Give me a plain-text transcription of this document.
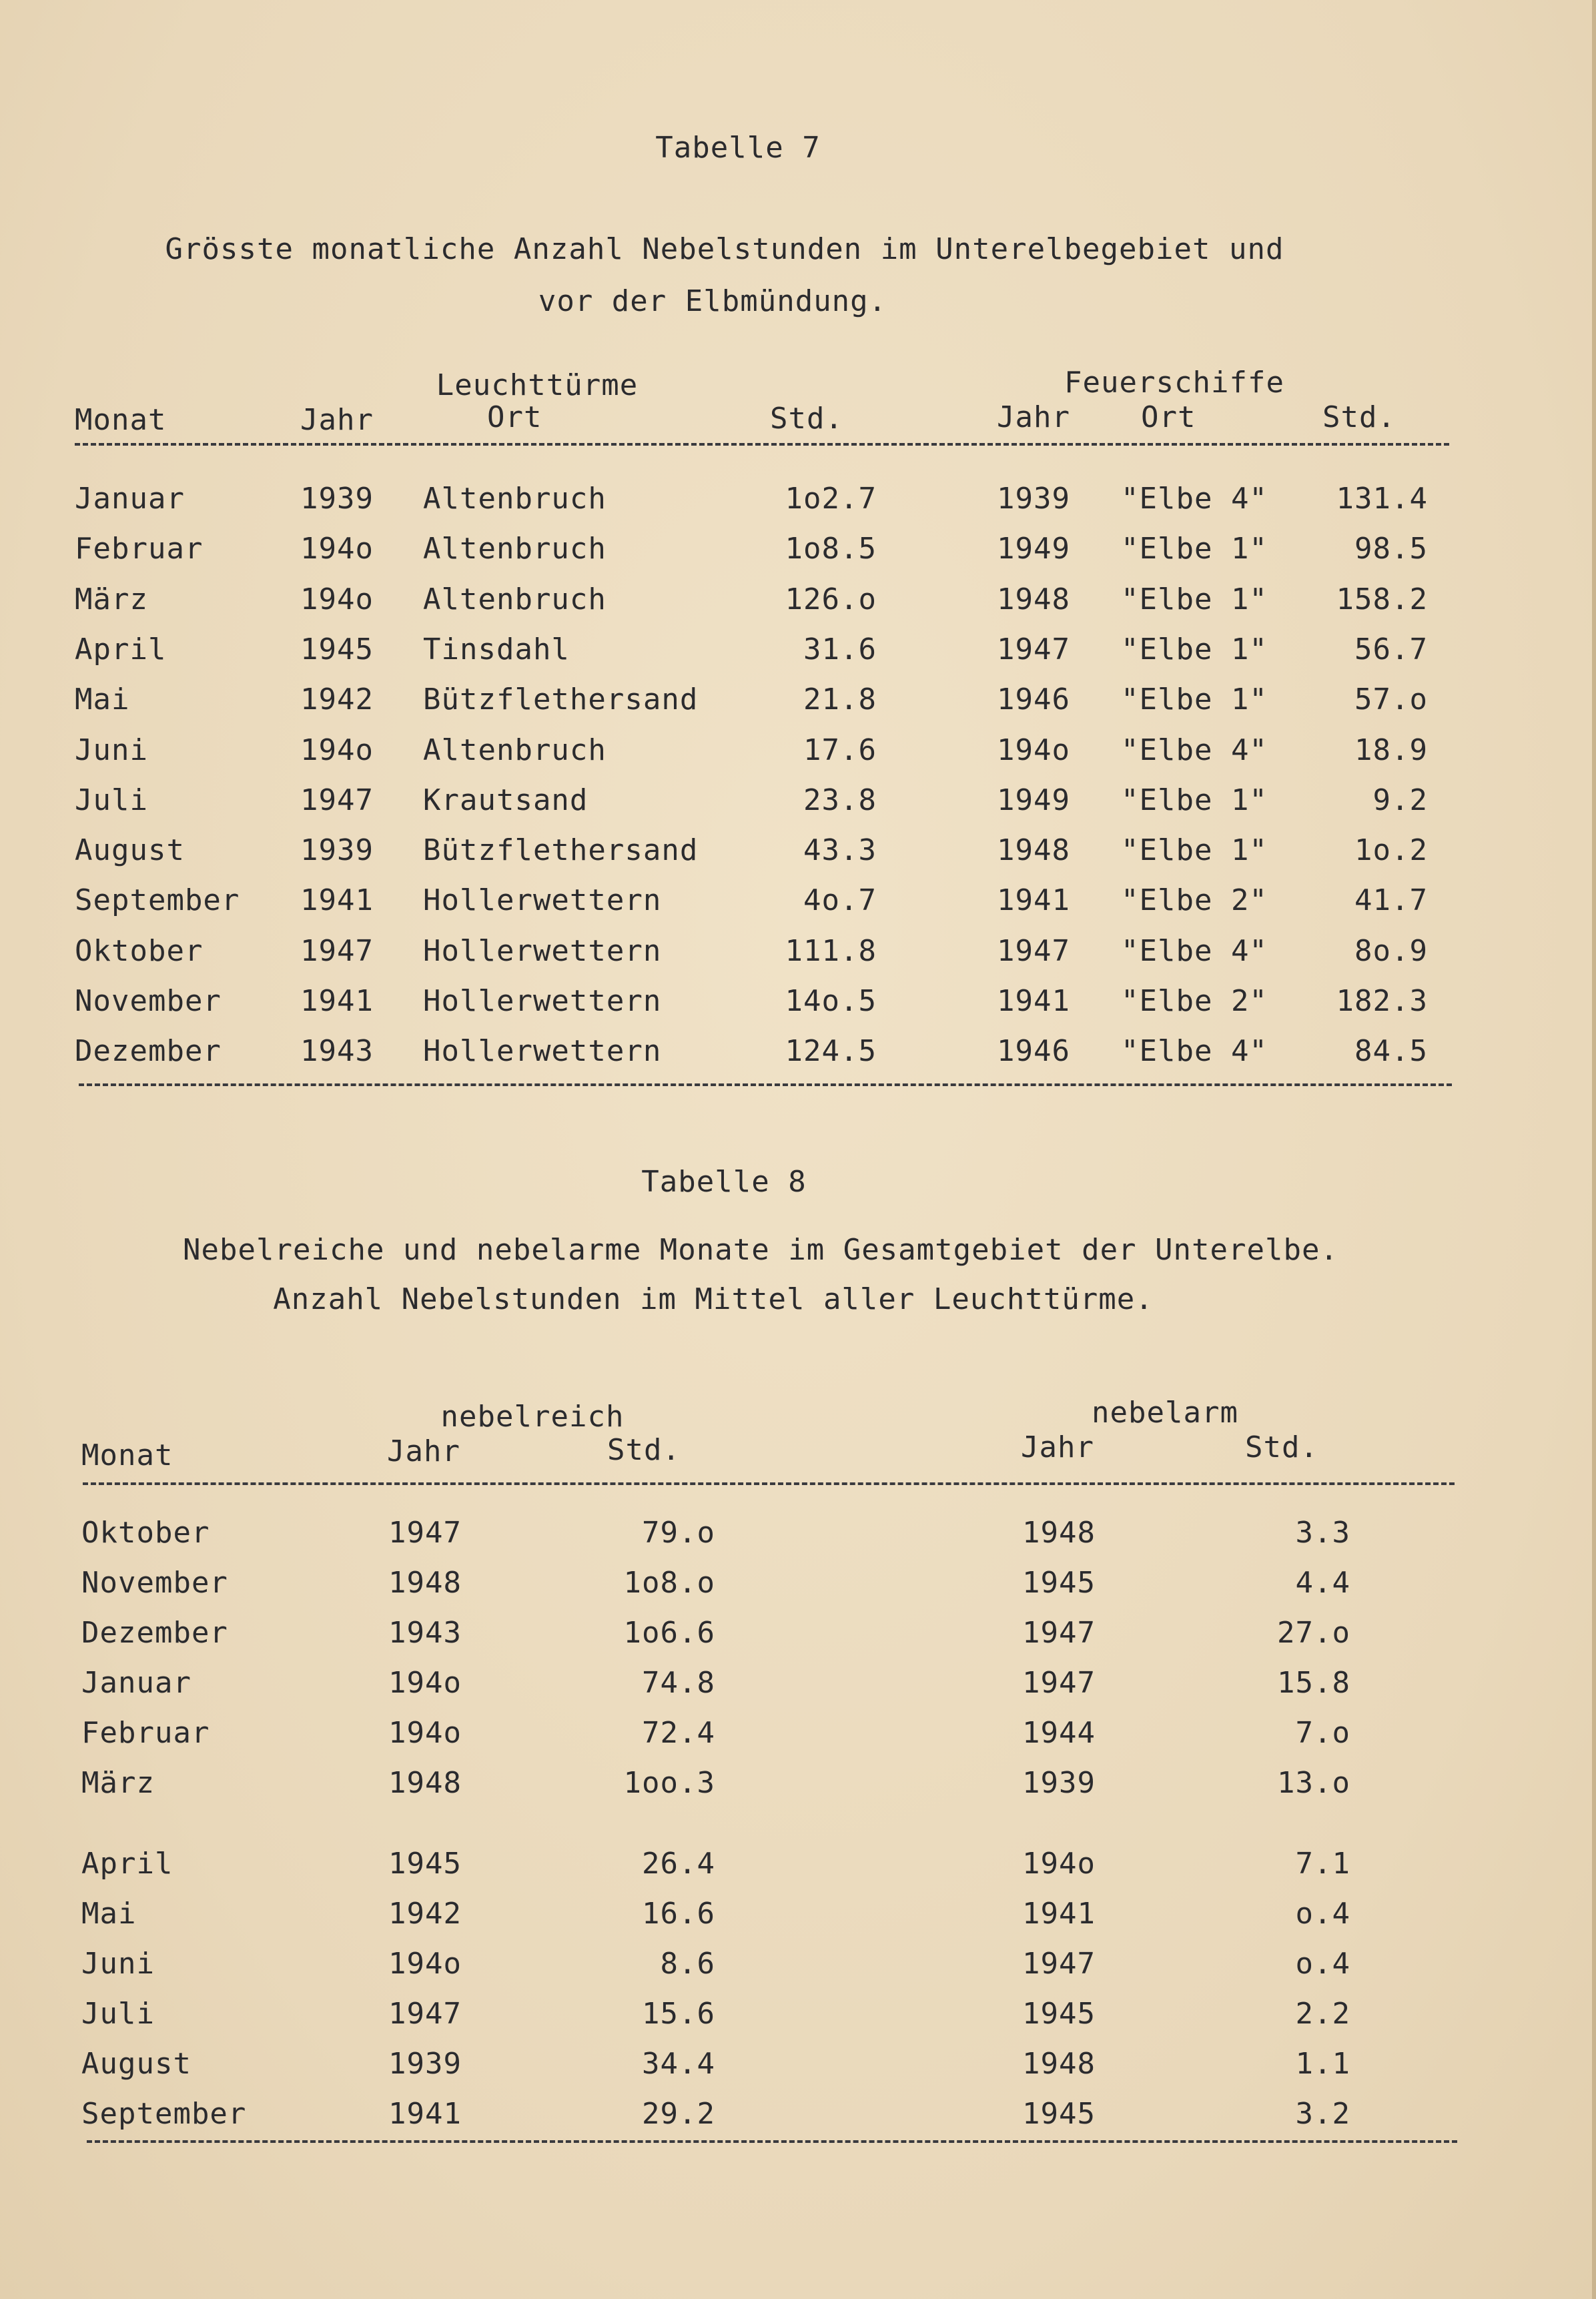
Tabelle 7
Grösste monatliche Anzahl Nebelstunden im Unterelbegebiet und
vor der Elbmündung.
Leuchttürme	Feuerschiffe
Monat	Jahr	Ort	Std.	Jahr Ort	Std.
Januar	1939 Altenbruch	1o2.7	1939 "Elbe 4" 131.4
Februar	194o Altenbruch	1o8.5	1949 "Elbe 1"	98.5
März	194o Altenbruch	126.o	1948 "Elbe 1" 158.2
April	1945 Tinsdahl	31.6	1947 "Elbe 1"	56.7
Mai	1942 Bützflethersand	21.8	1946 "Elbe 1"	57.o
Juni	194o Altenbruch	17.6	194o "Elbe 4"	18.9
Juli	1947 Krautsand	23.8	1949 "Elbe 1"	9.2
August	1939 Bützflethersand	43.3	1948 "Elbe 1"	1o.2
September 1941 Hollerwettern	4o.7	1941 "Elbe 2"	41.7
Oktober	1947 Hollerwettern	111.8	1947 "Elbe 4"	8o.9
November	1941 Hollerwettern	14o.5	1941 "Elbe 2" 182.3
Dezember	1943 Hollerwettern	124.5	1946 "Elbe 4"	84.5
Tabelle 8
Nebelreiche und nebelarme Monate im Gesamtgebiet der Unterelbe.
Anzahl Nebelstunden im Mittel aller Leuchttürme.
nebelreich	nebelarm
Monat	Jahr	Std.	Jahr	Std.
Oktober	1947	79.o	1948	3.3
November	1948	1o8.o	1945	4.4
Dezember	1943	1o6.6	1947	27.o
Januar	194o	74.8	1947	15.8
Februar	194o	72.4	1944	7.o
März	1948	1oo.3	1939	13.o
April	1945	26.4	194o	7.1
Mai	1942	16.6	1941	o.4
Juni	194o	8.6	1947	o.4
Juli	1947	15.6	1945	2.2
August	1939	34.4	1948	1.1
September	1941	29.2	1945	3.2
